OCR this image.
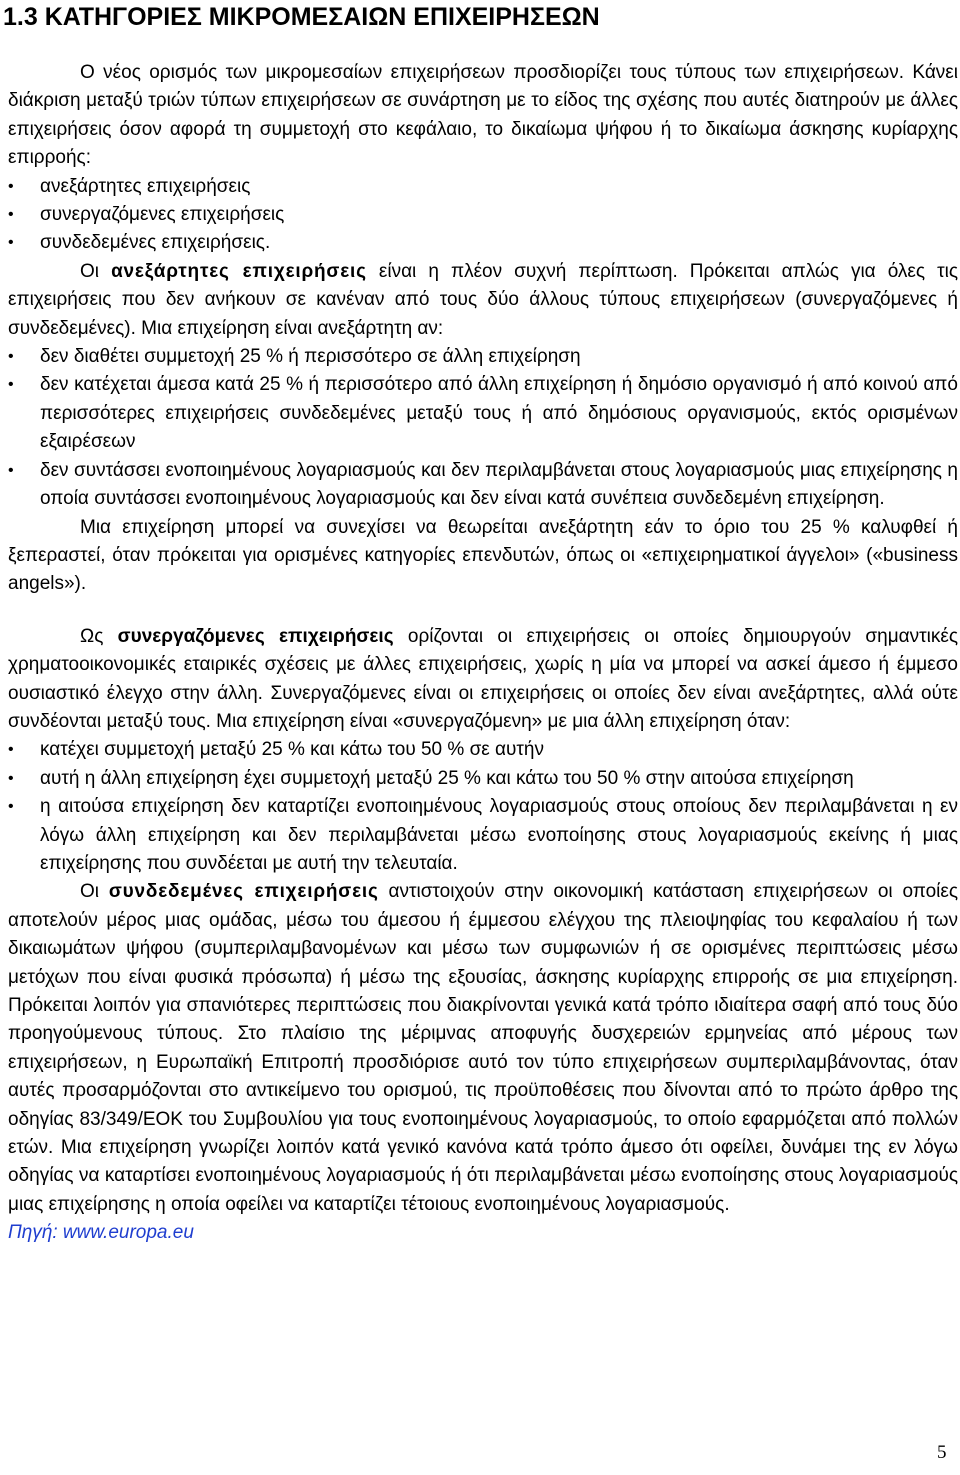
1.3 ΚΑΤΗΓΟΡΙΕΣ ΜΙΚΡΟΜΕΣΑΙΩΝ ΕΠΙΧΕΙΡΗΣΕΩΝ

Ο νέος ορισμός των μικρομεσαίων επιχειρήσεων προσδιορίζει τους τύπους των επιχειρήσεων. Κάνει διάκριση μεταξύ τριών τύπων επιχειρήσεων σε συνάρτηση με το είδος της σχέσης που αυτές διατηρούν με άλλες επιχειρήσεις όσον αφορά τη συμμετοχή στο κεφάλαιο, το δικαίωμα ψήφου ή το δικαίωμα άσκησης κυρίαρχης επιρροής:

• ανεξάρτητες επιχειρήσεις
• συνεργαζόμενες επιχειρήσεις
• συνδεδεμένες επιχειρήσεις.

Οι ανεξάρτητες επιχειρήσεις είναι η πλέον συχνή περίπτωση. Πρόκειται απλώς για όλες τις επιχειρήσεις που δεν ανήκουν σε κανέναν από τους δύο άλλους τύπους επιχειρήσεων (συνεργαζόμενες ή συνδεδεμένες). Μια επιχείρηση είναι ανεξάρτητη αν:

• δεν διαθέτει συμμετοχή 25 % ή περισσότερο σε άλλη επιχείρηση
• δεν κατέχεται άμεσα κατά 25 % ή περισσότερο από άλλη επιχείρηση ή δημόσιο οργανισμό ή από κοινού από περισσότερες επιχειρήσεις συνδεδεμένες μεταξύ τους ή από δημόσιους οργανισμούς, εκτός ορισμένων εξαιρέσεων
• δεν συντάσσει ενοποιημένους λογαριασμούς και δεν περιλαμβάνεται στους λογαριασμούς μιας επιχείρησης η οποία συντάσσει ενοποιημένους λογαριασμούς και δεν είναι κατά συνέπεια συνδεδεμένη επιχείρηση.

Μια επιχείρηση μπορεί να συνεχίσει να θεωρείται ανεξάρτητη εάν το όριο του 25 % καλυφθεί ή ξεπεραστεί, όταν πρόκειται για ορισμένες κατηγορίες επενδυτών, όπως οι «επιχειρηματικοί άγγελοι» («business angels»).

Ως συνεργαζόμενες επιχειρήσεις ορίζονται οι επιχειρήσεις οι οποίες δημιουργούν σημαντικές χρηματοοικονομικές εταιρικές σχέσεις με άλλες επιχειρήσεις, χωρίς η μία να μπορεί να ασκεί άμεσο ή έμμεσο ουσιαστικό έλεγχο στην άλλη. Συνεργαζόμενες είναι οι επιχειρήσεις οι οποίες δεν είναι ανεξάρτητες, αλλά ούτε συνδέονται μεταξύ τους. Μια επιχείρηση είναι «συνεργαζόμενη» με μια άλλη επιχείρηση όταν:

• κατέχει συμμετοχή μεταξύ 25 % και κάτω του 50 % σε αυτήν
• αυτή η άλλη επιχείρηση έχει συμμετοχή μεταξύ 25 % και κάτω του 50 % στην αιτούσα επιχείρηση
• η αιτούσα επιχείρηση δεν καταρτίζει ενοποιημένους λογαριασμούς στους οποίους δεν περιλαμβάνεται η εν λόγω άλλη επιχείρηση και δεν περιλαμβάνεται μέσω ενοποίησης στους λογαριασμούς εκείνης ή μιας επιχείρησης που συνδέεται με αυτή την τελευταία.

Οι συνδεδεμένες επιχειρήσεις αντιστοιχούν στην οικονομική κατάσταση επιχειρήσεων οι οποίες αποτελούν μέρος μιας ομάδας, μέσω του άμεσου ή έμμεσου ελέγχου της πλειοψηφίας του κεφαλαίου ή των δικαιωμάτων ψήφου (συμπεριλαμβανομένων και μέσω των συμφωνιών ή σε ορισμένες περιπτώσεις μέσω μετόχων που είναι φυσικά πρόσωπα) ή μέσω της εξουσίας, άσκησης κυρίαρχης επιρροής σε μια επιχείρηση. Πρόκειται λοιπόν για σπανιότερες περιπτώσεις που διακρίνονται γενικά κατά τρόπο ιδιαίτερα σαφή από τους δύο προηγούμενους τύπους. Στο πλαίσιο της μέριμνας αποφυγής δυσχερειών ερμηνείας από μέρους των επιχειρήσεων, η Ευρωπαϊκή Επιτροπή προσδιόρισε αυτό τον τύπο επιχειρήσεων συμπεριλαμβάνοντας, όταν αυτές προσαρμόζονται στο αντικείμενο του ορισμού, τις προϋποθέσεις που δίνονται από το πρώτο άρθρο της οδηγίας 83/349/ΕΟΚ του Συμβουλίου για τους ενοποιημένους λογαριασμούς, το οποίο εφαρμόζεται από πολλών ετών. Μια επιχείρηση γνωρίζει λοιπόν κατά γενικό κανόνα κατά τρόπο άμεσο ότι οφείλει, δυνάμει της εν λόγω οδηγίας να καταρτίσει ενοποιημένους λογαριασμούς ή ότι περιλαμβάνεται μέσω ενοποίησης στους λογαριασμούς μιας επιχείρησης η οποία οφείλει να καταρτίζει τέτοιους ενοποιημένους λογαριασμούς.

Πηγή: www.europa.eu

5
